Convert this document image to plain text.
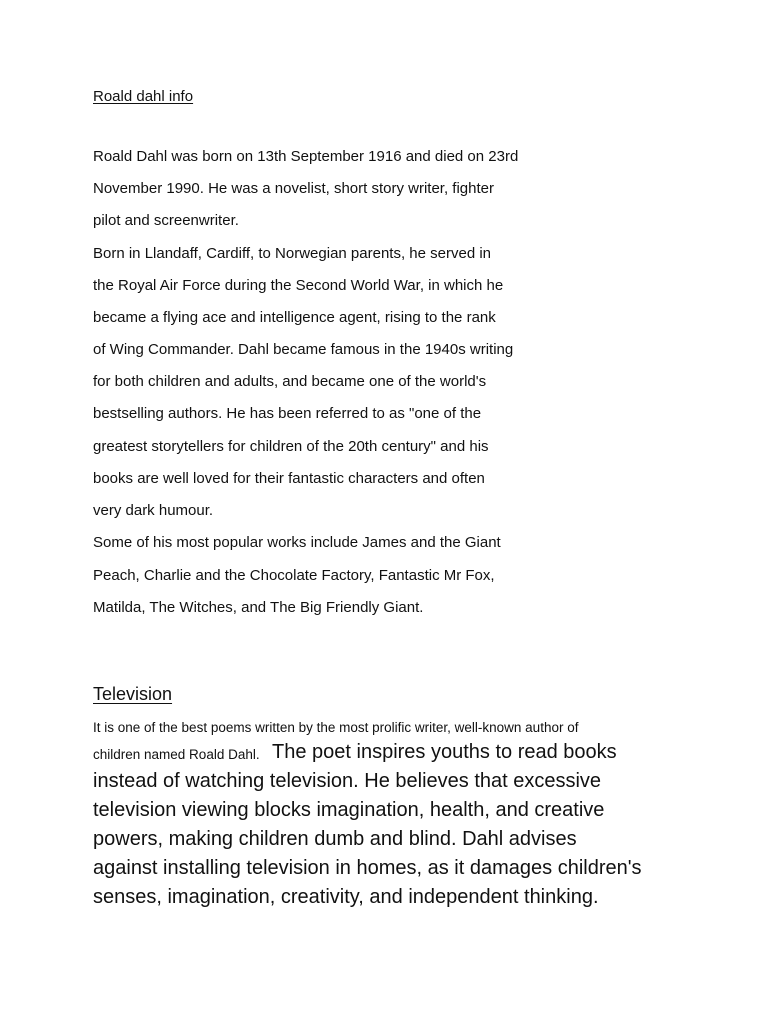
Roald dahl info
Roald Dahl was born on 13th September 1916 and died on 23rd
November 1990. He was a novelist, short story writer, fighter
pilot and screenwriter.
Born in Llandaff, Cardiff, to Norwegian parents, he served in
the Royal Air Force during the Second World War, in which he
became a flying ace and intelligence agent, rising to the rank
of Wing Commander. Dahl became famous in the 1940s writing
for both children and adults, and became one of the world's
bestselling authors. He has been referred to as "one of the
greatest storytellers for children of the 20th century" and his
books are well loved for their fantastic characters and often
very dark humour.
Some of his most popular works include James and the Giant
Peach, Charlie and the Chocolate Factory, Fantastic Mr Fox,
Matilda, The Witches, and The Big Friendly Giant.
Television
It is one of the best poems written by the most prolific writer, well-known author of
children named Roald Dahl. The poet inspires youths to read books
instead of watching television. He believes that excessive
television viewing blocks imagination, health, and creative
powers, making children dumb and blind. Dahl advises
against installing television in homes, as it damages children's
senses, imagination, creativity, and independent thinking.
